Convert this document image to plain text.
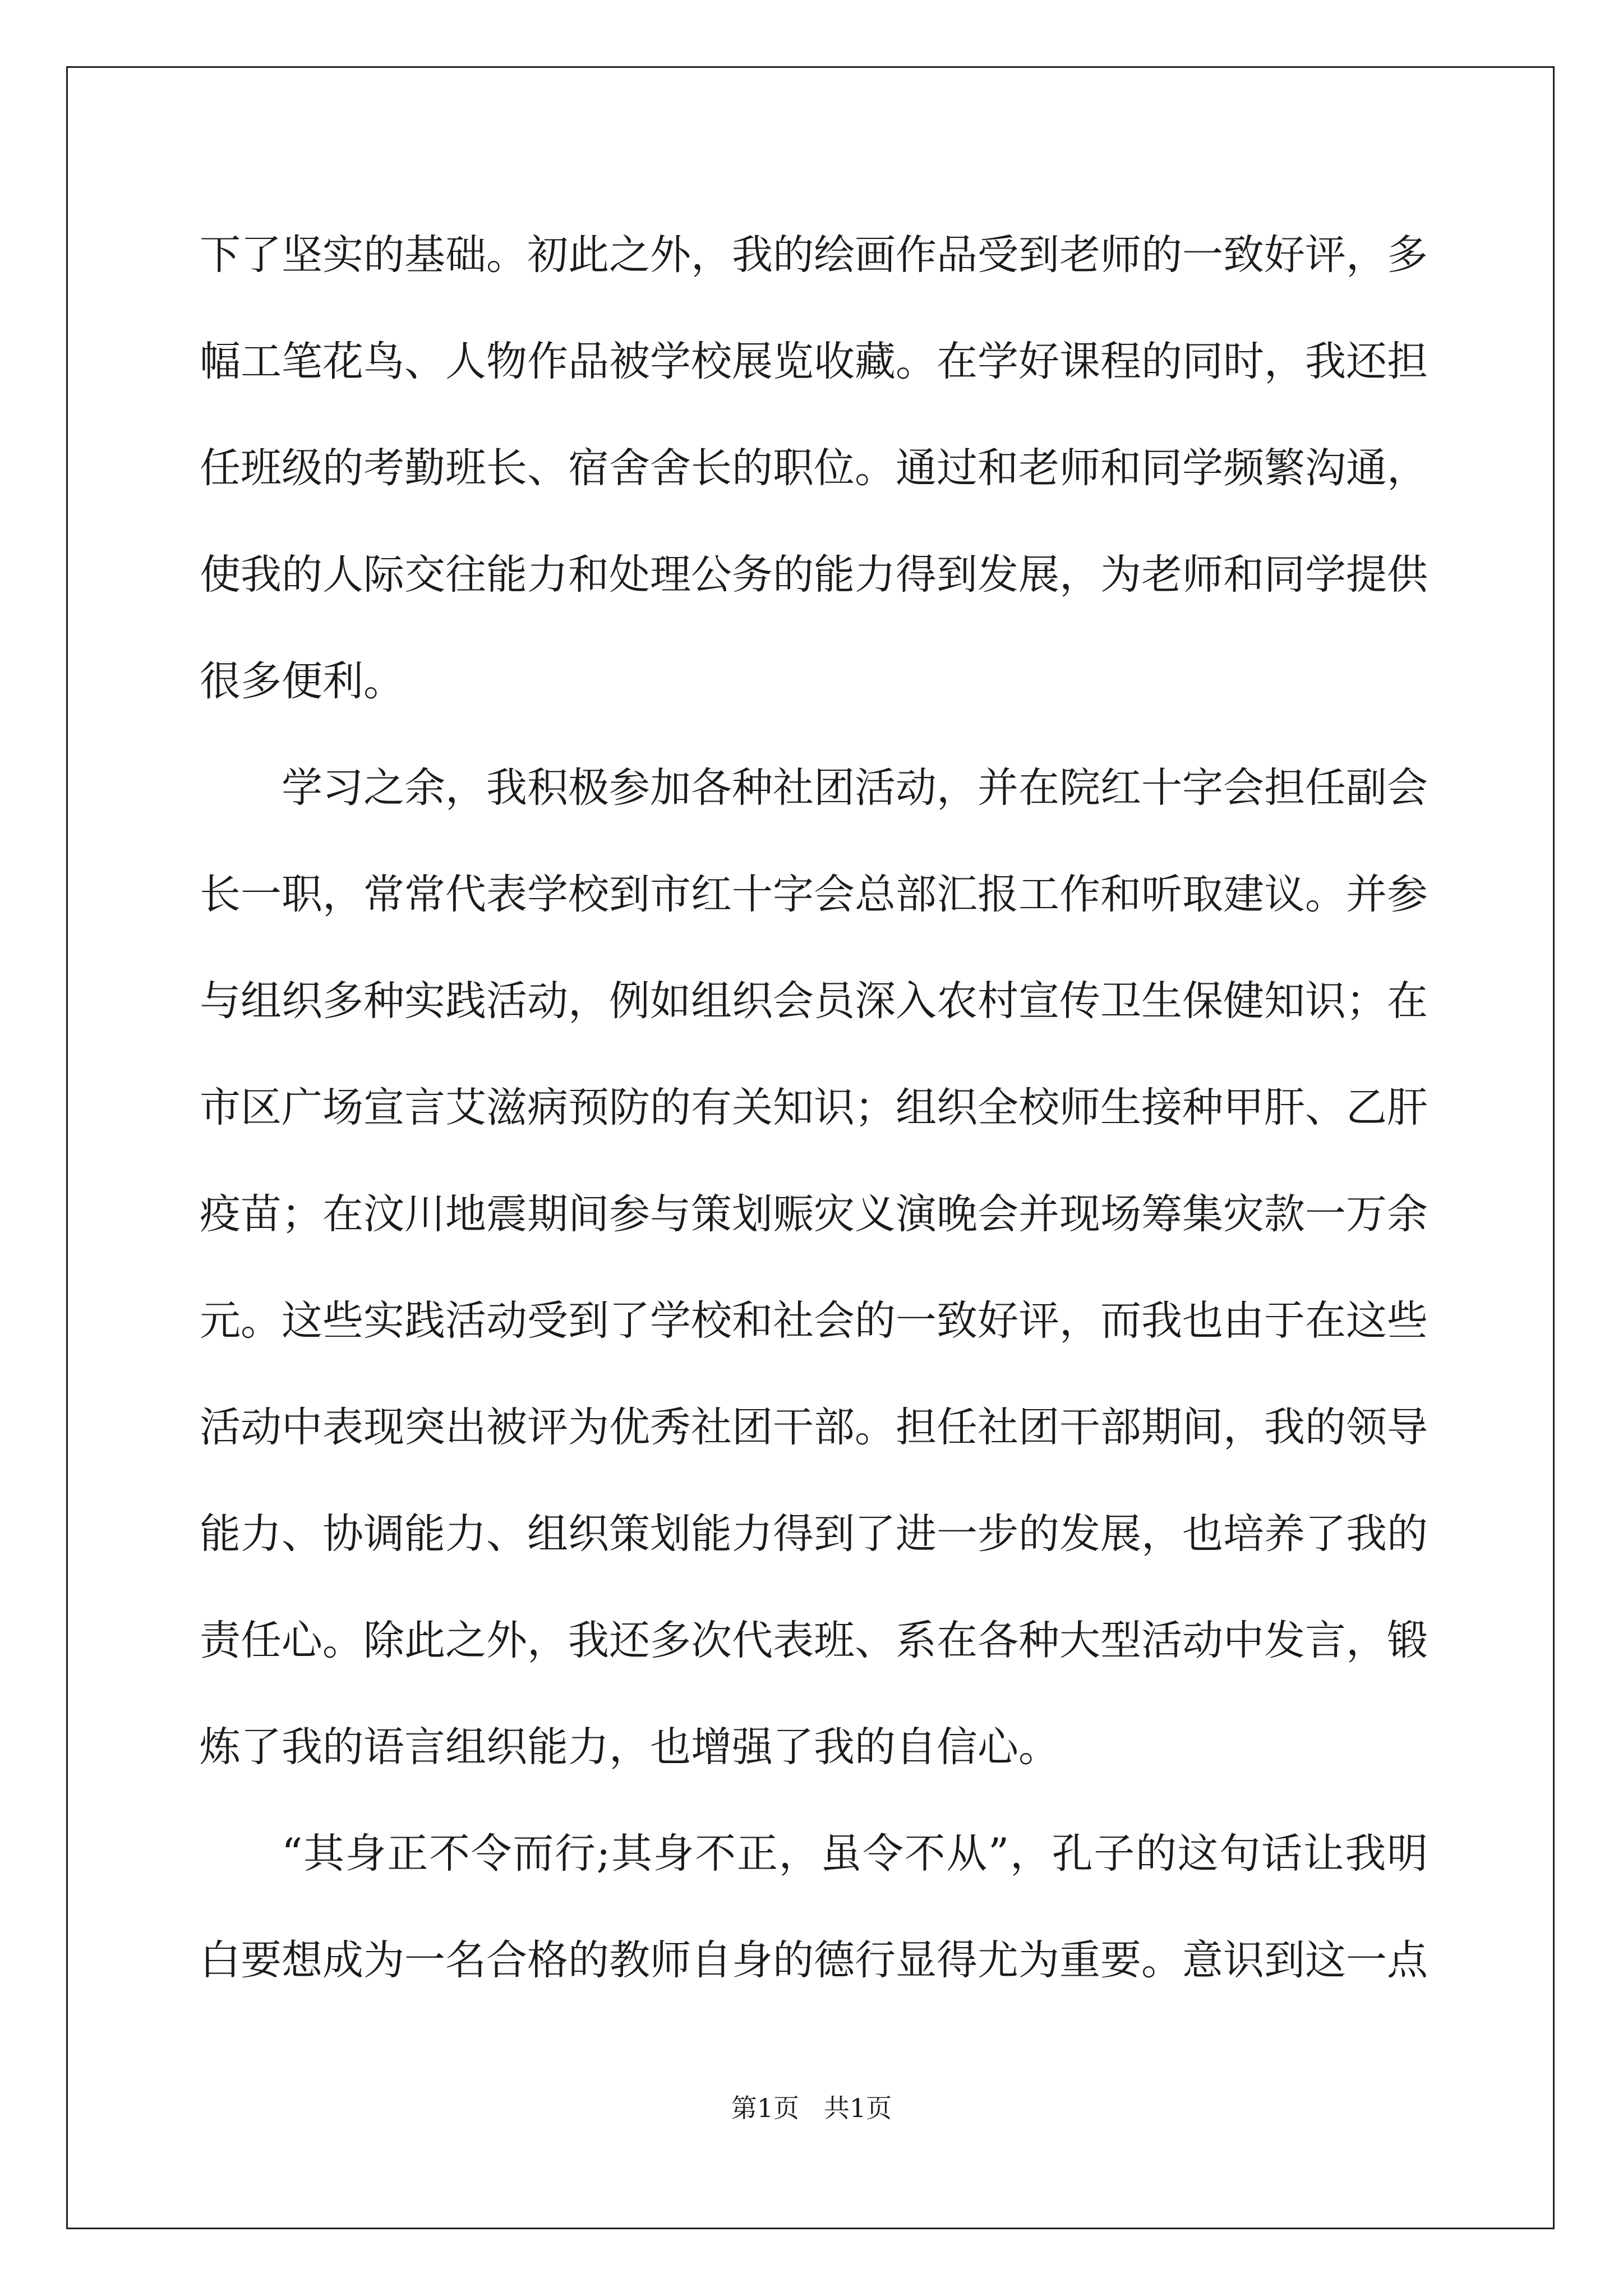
下了坚实的基础。初此之外，我的绘画作品受到老师的一致好评，多幅工笔花鸟、人物作品被学校展览收藏。在学好课程的同时，我还担任班级的考勤班长、宿舍舍长的职位。通过和老师和同学频繁沟通，使我的人际交往能力和处理公务的能力得到发展，为老师和同学提供很多便利。

学习之余，我积极参加各种社团活动，并在院红十字会担任副会长一职，常常代表学校到市红十字会总部汇报工作和听取建议。并参与组织多种实践活动，例如组织会员深入农村宣传卫生保健知识；在市区广场宣言艾滋病预防的有关知识；组织全校师生接种甲肝、乙肝疫苗；在汶川地震期间参与策划赈灾义演晚会并现场筹集灾款一万余元。这些实践活动受到了学校和社会的一致好评，而我也由于在这些活动中表现突出被评为优秀社团干部。担任社团干部期间，我的领导能力、协调能力、组织策划能力得到了进一步的发展，也培养了我的责任心。除此之外，我还多次代表班、系在各种大型活动中发言，锻炼了我的语言组织能力，也增强了我的自信心。

“其身正不令而行;其身不正，虽令不从”，孔子的这句话让我明白要想成为一名合格的教师自身的德行显得尤为重要。意识到这一点

第1页   共1页
